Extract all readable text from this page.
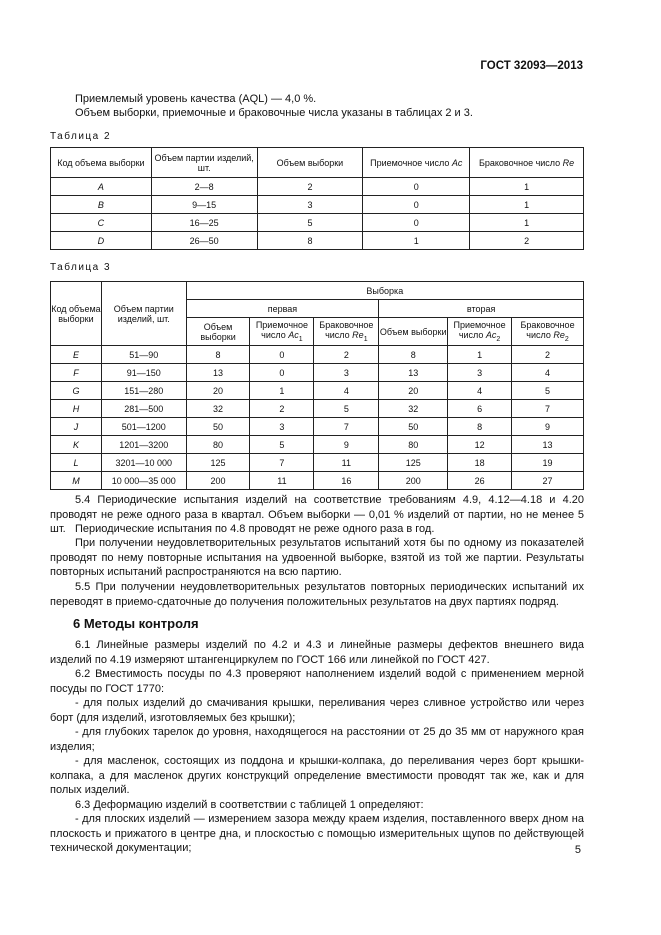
ГОСТ 32093—2013
Приемлемый уровень качества (AQL) — 4,0 %.
Объем выборки, приемочные и браковочные числа указаны в таблицах 2 и 3.
Таблица 2
Код объема выборки	Объем партии изделий, шт.	Объем выборки	Приемочное число Ac	Браковочное число Re
A	2—8	2	0	1
B	9—15	3	0	1
C	16—25	5	0	1
D	26—50	8	1	2
Таблица 3
Код объема выборки	Объем партии изделий, шт.	Выборка					
		первая			вторая		
		Объем выборки	Приемочное число $Ac_1$	Браковочное число $Re_1$	Объем выборки	Приемочное число $Ac_2$	Браковочное число $Re_2$
E	51—90	8	0	2	8	1	2
F	91—150	13	0	3	13	3	4
G	151—280	20	1	4	20	4	5
H	281—500	32	2	5	32	6	7
J	501—1200	50	3	7	50	8	9
K	1201—3200	80	5	9	80	12	13
L	3201—10 000	125	7	11	125	18	19
M	10 000—35 000	200	11	16	200	26	27
5.4 Периодические испытания изделий на соответствие требованиям 4.9, 4.12—4.18 и 4.20 проводят не реже одного раза в квартал. Объем выборки — 0,01 % изделий от партии, но не менее 5 шт. Периодические испытания по 4.8 проводят не реже одного раза в год.
При получении неудовлетворительных результатов испытаний хотя бы по одному из показателей проводят по нему повторные испытания на удвоенной выборке, взятой из той же партии. Результаты повторных испытаний распространяются на всю партию.
5.5 При получении неудовлетворительных результатов повторных периодических испытаний их переводят в приемо-сдаточные до получения положительных результатов на двух партиях подряд.
6 Методы контроля
6.1 Линейные размеры изделий по 4.2 и 4.3 и линейные размеры дефектов внешнего вида изделий по 4.19 измеряют штангенциркулем по ГОСТ 166 или линейкой по ГОСТ 427.
6.2 Вместимость посуды по 4.3 проверяют наполнением изделий водой с применением мерной посуды по ГОСТ 1770:
- для полых изделий до смачивания крышки, переливания через сливное устройство или через борт (для изделий, изготовляемых без крышки);
- для глубоких тарелок до уровня, находящегося на расстоянии от 25 до 35 мм от наружного края изделия;
- для масленок, состоящих из поддона и крышки-колпака, до переливания через борт крышки-колпака, а для масленок других конструкций определение вместимости проводят так же, как и для полых изделий.
6.3 Деформацию изделий в соответствии с таблицей 1 определяют:
- для плоских изделий — измерением зазора между краем изделия, поставленного вверх дном на плоскость и прижатого в центре дна, и плоскостью с помощью измерительных щупов по действующей технической документации;	5
